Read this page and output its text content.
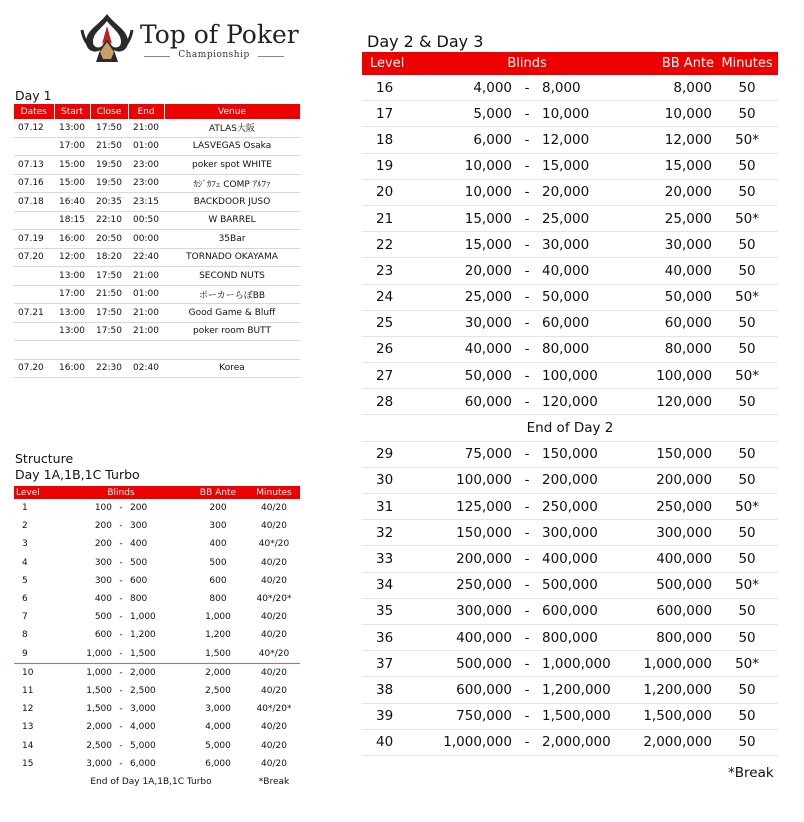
Top of Poker
Championship
Day 1
Dates	Start	Close	End	Venue
07.12	13:00	17:50	21:00	ATLAS大阪
	17:00	21:50	01:00	LASVEGAS Osaka
07.13	15:00	19:50	23:00	poker spot WHITE
07.16	15:00	19:50	23:00	ｶｼﾞｶﾌｪ COMP ｱﾙﾌｧ
07.18	16:40	20:35	23:15	BACKDOOR JUSO
	18:15	22:10	00:50	W BARREL
07.19	16:00	20:50	00:00	35Bar
07.20	12:00	18:20	22:40	TORNADO OKAYAMA
	13:00	17:50	21:00	SECOND NUTS
	17:00	21:50	01:00	ポーカーらぼBB
07.21	13:00	17:50	21:00	Good Game & Bluff
	13:00	17:50	21:00	poker room BUTT

07.20	16:00	22:30	02:40	Korea
Structure
Day 1A,1B,1C Turbo
Level	Blinds			BB Ante	Minutes
1	100	-	200	200	40/20
2	200	-	300	300	40/20
3	200	-	400	400	40*/20
4	300	-	500	500	40/20
5	300	-	600	600	40/20
6	400	-	800	800	40*/20*
7	500	-	1,000	1,000	40/20
8	600	-	1,200	1,200	40/20
9	1,000	-	1,500	1,500	40*/20
10	1,000	-	2,000	2,000	40/20
11	1,500	-	2,500	2,500	40/20
12	1,500	-	3,000	3,000	40*/20*
13	2,000	-	4,000	4,000	40/20
14	2,500	-	5,000	5,000	40/20
15	3,000	-	6,000	6,000	40/20
	End of Day 1A,1B,1C Turbo				*Break
Day 2 & Day 3
Level	Blinds			BB Ante	Minutes
16	4,000	-	8,000	8,000	50
17	5,000	-	10,000	10,000	50
18	6,000	-	12,000	12,000	50*
19	10,000	-	15,000	15,000	50
20	10,000	-	20,000	20,000	50
21	15,000	-	25,000	25,000	50*
22	15,000	-	30,000	30,000	50
23	20,000	-	40,000	40,000	50
24	25,000	-	50,000	50,000	50*
25	30,000	-	60,000	60,000	50
26	40,000	-	80,000	80,000	50
27	50,000	-	100,000	100,000	50*
28	60,000	-	120,000	120,000	50
End of Day 2					
29	75,000	-	150,000	150,000	50
30	100,000	-	200,000	200,000	50
31	125,000	-	250,000	250,000	50*
32	150,000	-	300,000	300,000	50
33	200,000	-	400,000	400,000	50
34	250,000	-	500,000	500,000	50*
35	300,000	-	600,000	600,000	50
36	400,000	-	800,000	800,000	50
37	500,000	-	1,000,000	1,000,000	50*
38	600,000	-	1,200,000	1,200,000	50
39	750,000	-	1,500,000	1,500,000	50
40	1,000,000	-	2,000,000	2,000,000	50
*Break
